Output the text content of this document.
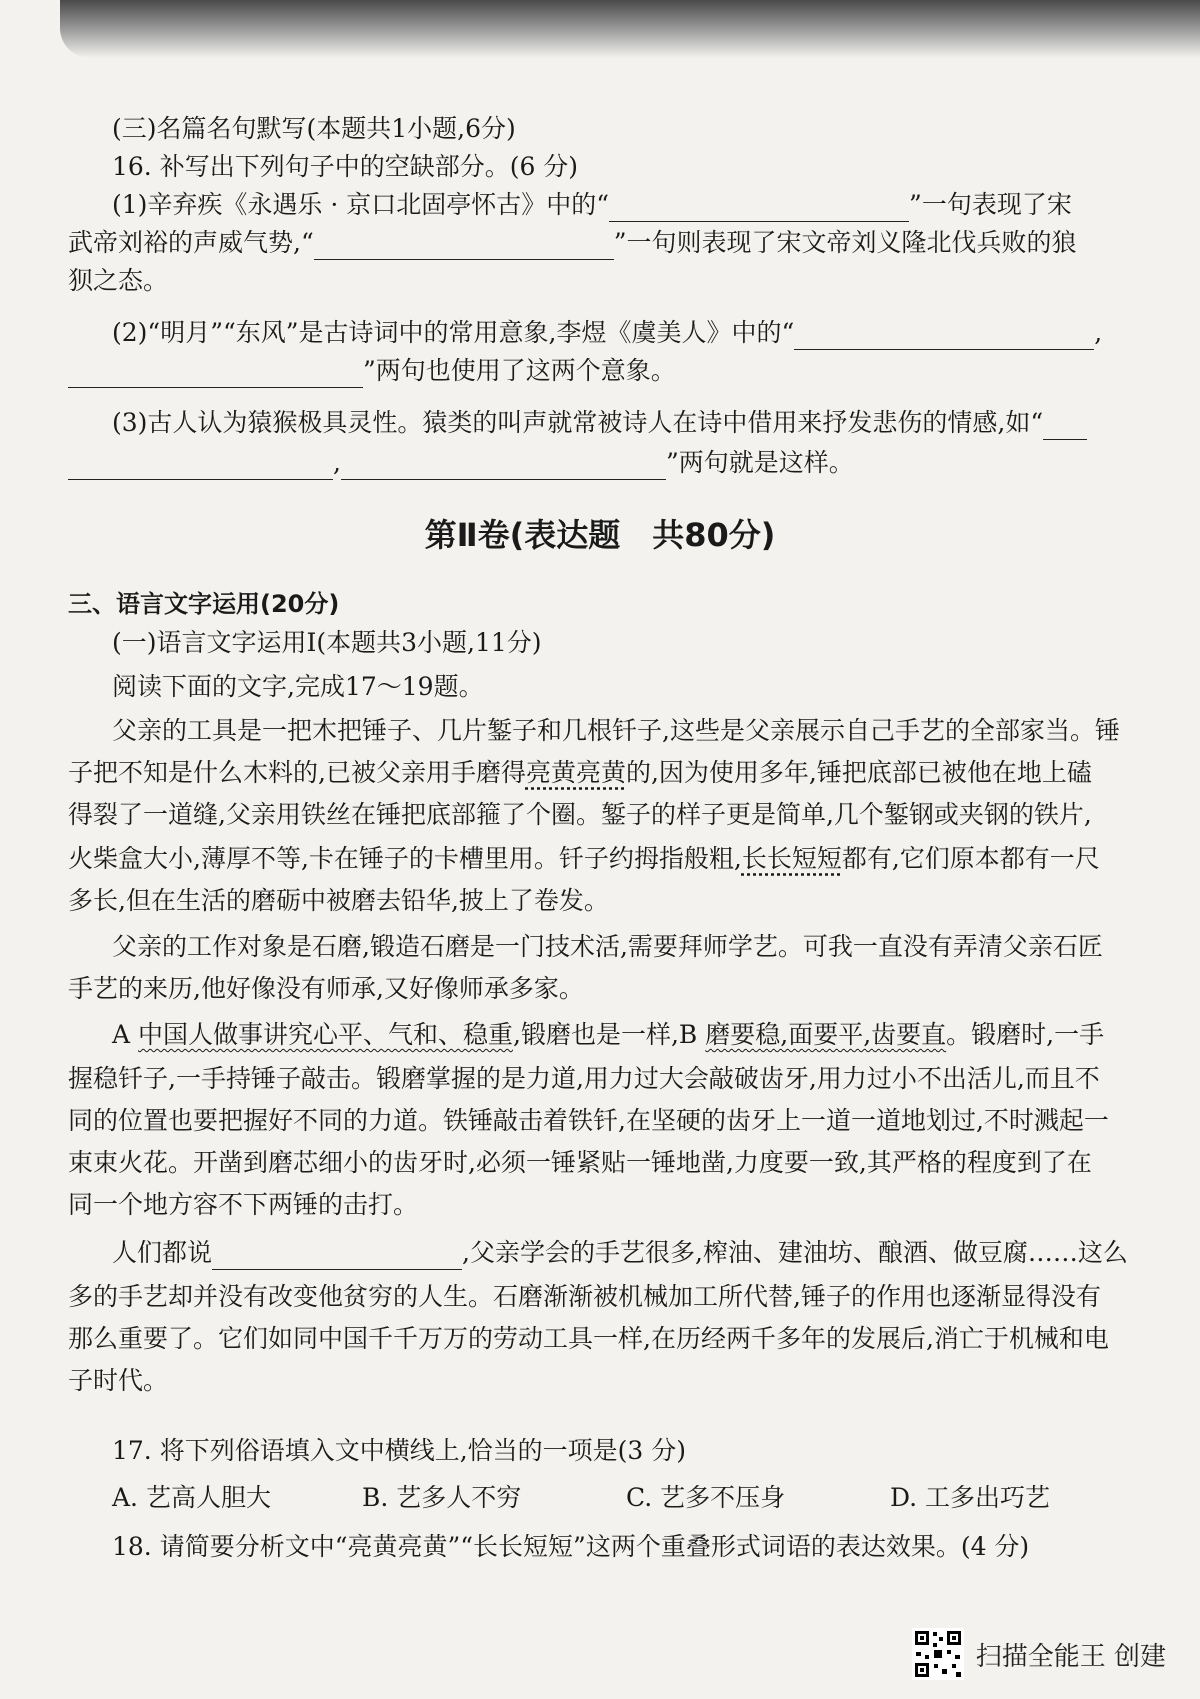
(三)名篇名句默写(本题共1小题,6分)
16. 补写出下列句子中的空缺部分。(6 分)
(1)辛弃疾《永遇乐 · 京口北固亭怀古》中的“	”一句表现了宋
武帝刘裕的声威气势,“	”一句则表现了宋文帝刘义隆北伐兵败的狼
狈之态。
(2)“明月”“东风”是古诗词中的常用意象,李煜《虞美人》中的“	,
”两句也使用了这两个意象。
(3)古人认为猿猴极具灵性。猿类的叫声就常被诗人在诗中借用来抒发悲伤的情感,如“
,	”两句就是这样。
第Ⅱ卷(表达题　共80分)
三、语言文字运用(20分)
(一)语言文字运用Ⅰ(本题共3小题,11分)
阅读下面的文字,完成17～19题。
父亲的工具是一把木把锤子、几片錾子和几根钎子,这些是父亲展示自己手艺的全部家当。锤
子把不知是什么木料的,已被父亲用手磨得亮黄亮黄的,因为使用多年,锤把底部已被他在地上磕
得裂了一道缝,父亲用铁丝在锤把底部箍了个圈。錾子的样子更是简单,几个錾钢或夹钢的铁片,
火柴盒大小,薄厚不等,卡在锤子的卡槽里用。钎子约拇指般粗,长长短短都有,它们原本都有一尺
多长,但在生活的磨砺中被磨去铅华,披上了卷发。
父亲的工作对象是石磨,锻造石磨是一门技术活,需要拜师学艺。可我一直没有弄清父亲石匠
手艺的来历,他好像没有师承,又好像师承多家。
A 中国人做事讲究心平、气和、稳重,锻磨也是一样,B 磨要稳,面要平,齿要直。锻磨时,一手
握稳钎子,一手持锤子敲击。锻磨掌握的是力道,用力过大会敲破齿牙,用力过小不出活儿,而且不
同的位置也要把握好不同的力道。铁锤敲击着铁钎,在坚硬的齿牙上一道一道地划过,不时溅起一
束束火花。开凿到磨芯细小的齿牙时,必须一锤紧贴一锤地凿,力度要一致,其严格的程度到了在
同一个地方容不下两锤的击打。
人们都说	,父亲学会的手艺很多,榨油、建油坊、酿酒、做豆腐……这么
多的手艺却并没有改变他贫穷的人生。石磨渐渐被机械加工所代替,锤子的作用也逐渐显得没有
那么重要了。它们如同中国千千万万的劳动工具一样,在历经两千多年的发展后,消亡于机械和电
子时代。
17. 将下列俗语填入文中横线上,恰当的一项是(3 分)
A. 艺高人胆大	B. 艺多人不穷	C. 艺多不压身	D. 工多出巧艺
18. 请简要分析文中“亮黄亮黄”“长长短短”这两个重叠形式词语的表达效果。(4 分)
扫描全能王 创建
